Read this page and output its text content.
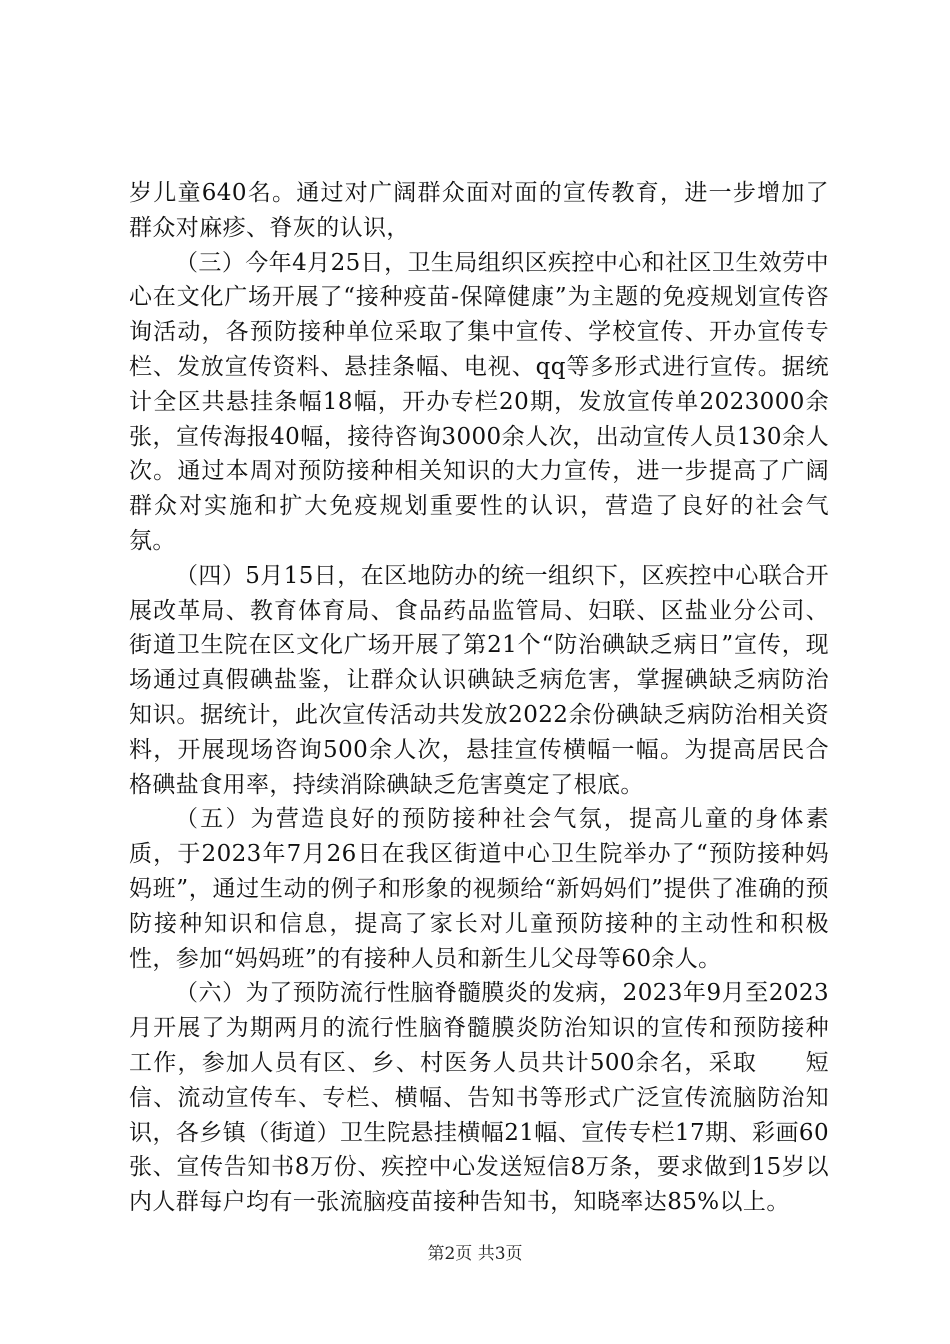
岁儿童640名。通过对广阔群众面对面的宣传教育，进一步增加了群众对麻疹、脊灰的认识，

（三）今年4月25日，卫生局组织区疾控中心和社区卫生效劳中心在文化广场开展了“接种疫苗-保障健康”为主题的免疫规划宣传咨询活动，各预防接种单位采取了集中宣传、学校宣传、开办宣传专栏、发放宣传资料、悬挂条幅、电视、qq等多形式进行宣传。据统计全区共悬挂条幅18幅，开办专栏20期，发放宣传单2023000余张，宣传海报40幅，接待咨询3000余人次，出动宣传人员130余人次。通过本周对预防接种相关知识的大力宣传，进一步提高了广阔群众对实施和扩大免疫规划重要性的认识，营造了良好的社会气氛。

（四）5月15日，在区地防办的统一组织下，区疾控中心联合开展改革局、教育体育局、食品药品监管局、妇联、区盐业分公司、街道卫生院在区文化广场开展了第21个“防治碘缺乏病日”宣传，现场通过真假碘盐鉴，让群众认识碘缺乏病危害，掌握碘缺乏病防治知识。据统计，此次宣传活动共发放2022余份碘缺乏病防治相关资料，开展现场咨询500余人次，悬挂宣传横幅一幅。为提高居民合格碘盐食用率，持续消除碘缺乏危害奠定了根底。

（五）为营造良好的预防接种社会气氛，提高儿童的身体素质，于2023年7月26日在我区街道中心卫生院举办了“预防接种妈妈班”，通过生动的例子和形象的视频给“新妈妈们”提供了准确的预防接种知识和信息，提高了家长对儿童预防接种的主动性和积极性，参加“妈妈班”的有接种人员和新生儿父母等60余人。

（六）为了预防流行性脑脊髓膜炎的发病，2023年9月至2023月开展了为期两月的流行性脑脊髓膜炎防治知识的宣传和预防接种工作，参加人员有区、乡、村医务人员共计500余名，采取　　短信、流动宣传车、专栏、横幅、告知书等形式广泛宣传流脑防治知识，各乡镇（街道）卫生院悬挂横幅21幅、宣传专栏17期、彩画60张、宣传告知书8万份、疾控中心发送短信8万条，要求做到15岁以内人群每户均有一张流脑疫苗接种告知书，知晓率达85%以上。

第2页 共3页
